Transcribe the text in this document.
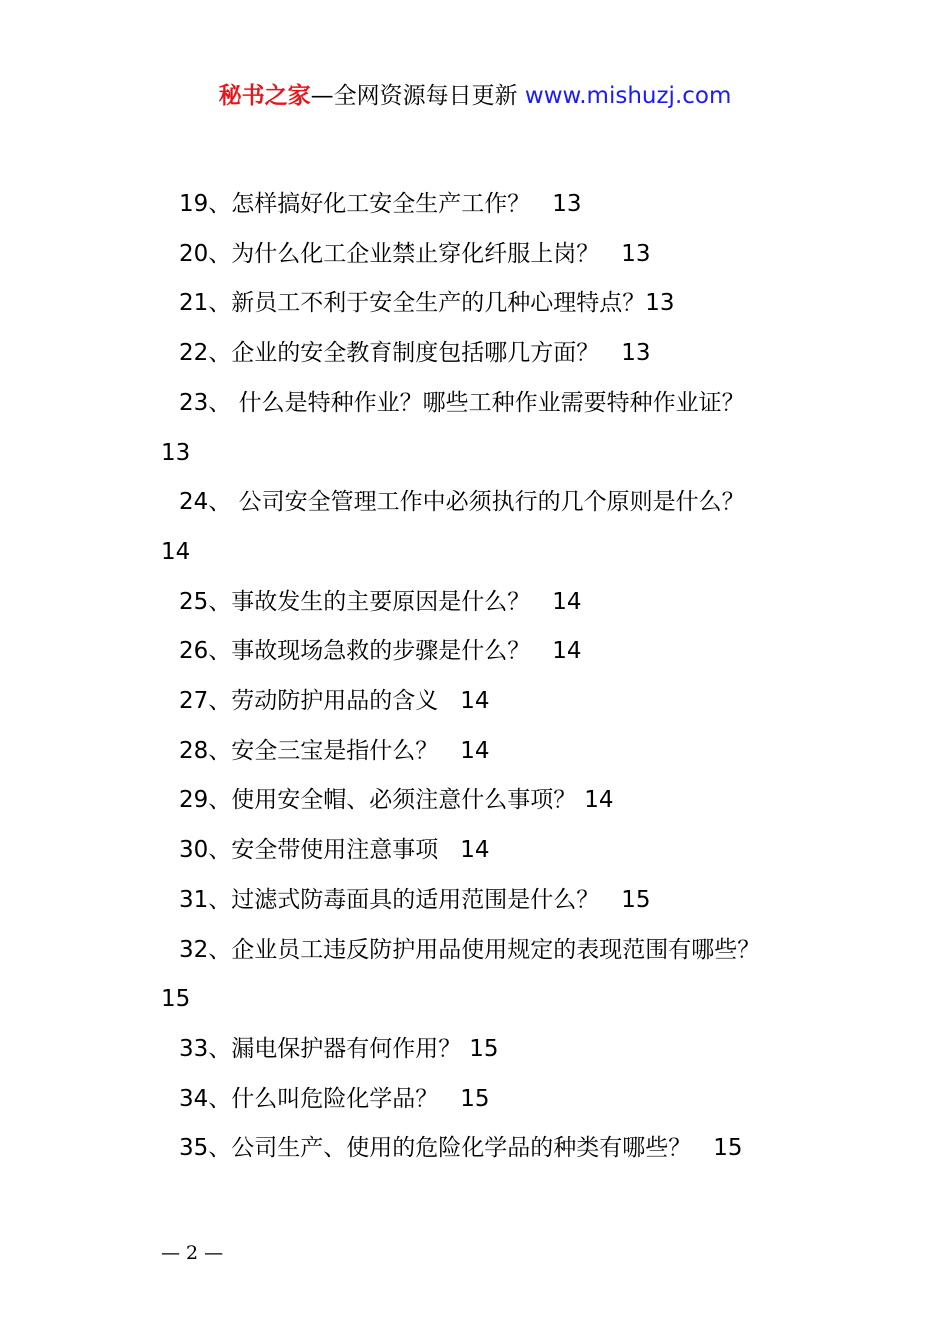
秘书之家—全网资源每日更新 www.mishuzj.com
19、怎样搞好化工安全生产工作？ 13
20、为什么化工企业禁止穿化纤服上岗？ 13
21、新员工不利于安全生产的几种心理特点？13
22、企业的安全教育制度包括哪几方面？ 13
23、 什么是特种作业？哪些工种作业需要特种作业证？
13
24、 公司安全管理工作中必须执行的几个原则是什么？
14
25、事故发生的主要原因是什么？ 14
26、事故现场急救的步骤是什么？ 14
27、劳动防护用品的含义 14
28、安全三宝是指什么？ 14
29、使用安全帽、必须注意什么事项？ 14
30、安全带使用注意事项 14
31、过滤式防毒面具的适用范围是什么？ 15
32、企业员工违反防护用品使用规定的表现范围有哪些？
15
33、漏电保护器有何作用？ 15
34、什么叫危险化学品？ 15
35、公司生产、使用的危险化学品的种类有哪些？ 15
— 2 —
